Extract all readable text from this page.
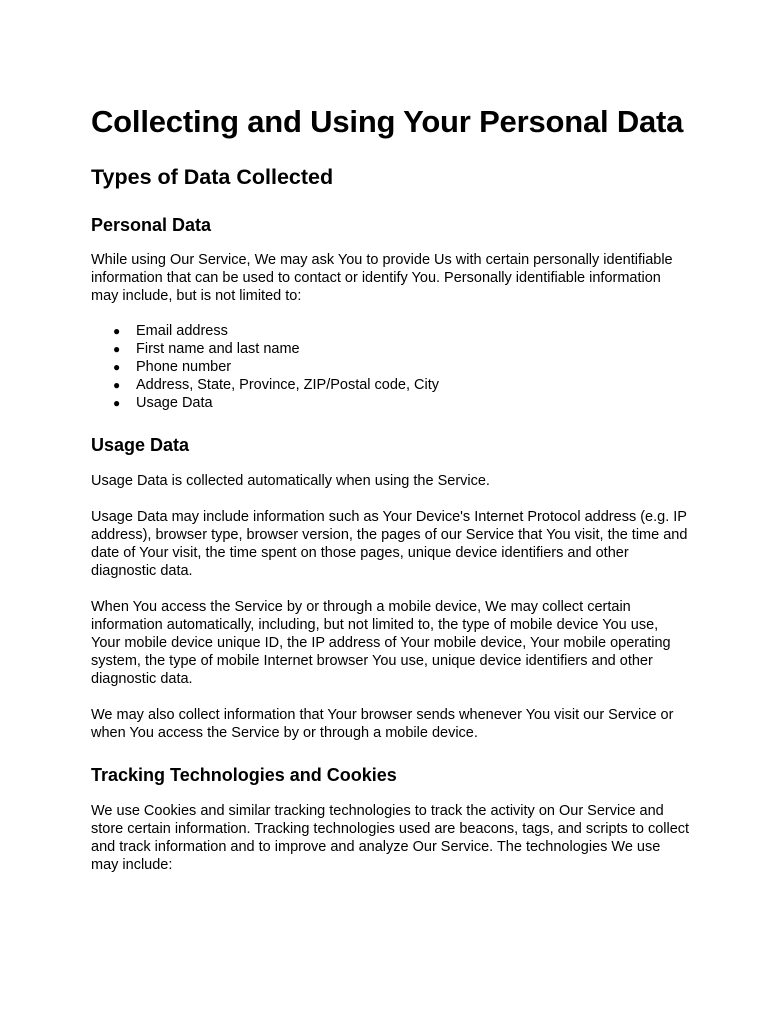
Collecting and Using Your Personal Data
Types of Data Collected
Personal Data

While using Our Service, We may ask You to provide Us with certain personally identifiable information that can be used to contact or identify You. Personally identifiable information may include, but is not limited to:

● Email address
● First name and last name
● Phone number
● Address, State, Province, ZIP/Postal code, City
● Usage Data
Usage Data

Usage Data is collected automatically when using the Service.

Usage Data may include information such as Your Device's Internet Protocol address (e.g. IP address), browser type, browser version, the pages of our Service that You visit, the time and date of Your visit, the time spent on those pages, unique device identifiers and other diagnostic data.

When You access the Service by or through a mobile device, We may collect certain information automatically, including, but not limited to, the type of mobile device You use, Your mobile device unique ID, the IP address of Your mobile device, Your mobile operating system, the type of mobile Internet browser You use, unique device identifiers and other diagnostic data.

We may also collect information that Your browser sends whenever You visit our Service or when You access the Service by or through a mobile device.

Tracking Technologies and Cookies

We use Cookies and similar tracking technologies to track the activity on Our Service and store certain information. Tracking technologies used are beacons, tags, and scripts to collect and track information and to improve and analyze Our Service. The technologies We use may include:
